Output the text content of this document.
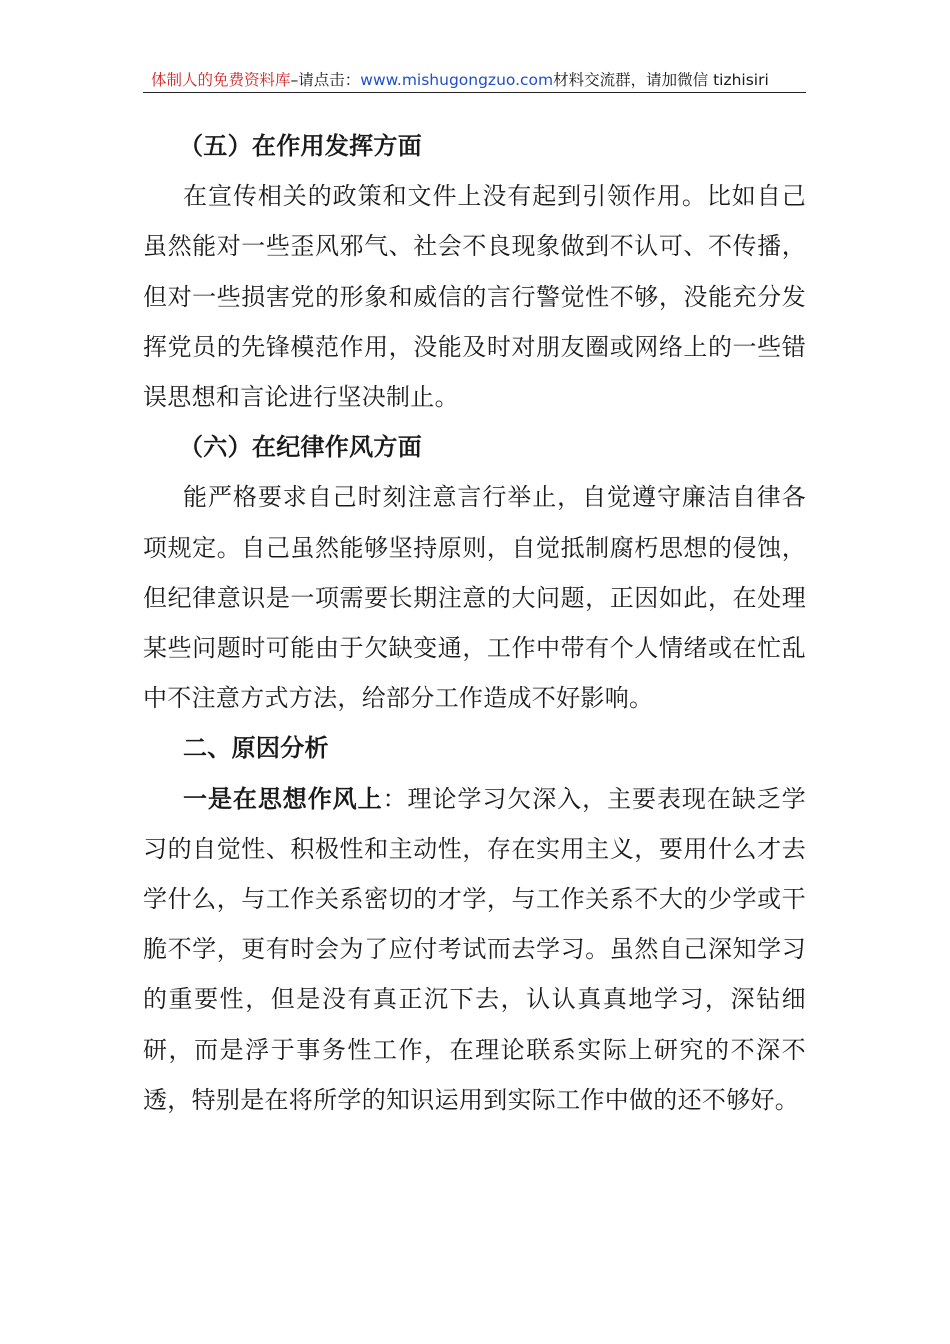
体制人的免费资料库–请点击：www.mishugongzuo.com材料交流群，请加微信 tizhisiri

（五）在作用发挥方面

在宣传相关的政策和文件上没有起到引领作用。比如自己虽然能对一些歪风邪气、社会不良现象做到不认可、不传播，但对一些损害党的形象和威信的言行警觉性不够，没能充分发挥党员的先锋模范作用，没能及时对朋友圈或网络上的一些错误思想和言论进行坚决制止。

（六）在纪律作风方面

能严格要求自己时刻注意言行举止，自觉遵守廉洁自律各项规定。自己虽然能够坚持原则，自觉抵制腐朽思想的侵蚀，但纪律意识是一项需要长期注意的大问题，正因如此，在处理某些问题时可能由于欠缺变通，工作中带有个人情绪或在忙乱中不注意方式方法，给部分工作造成不好影响。

二、原因分析

一是在思想作风上：理论学习欠深入，主要表现在缺乏学习的自觉性、积极性和主动性，存在实用主义，要用什么才去学什么，与工作关系密切的才学，与工作关系不大的少学或干脆不学，更有时会为了应付考试而去学习。虽然自己深知学习的重要性，但是没有真正沉下去，认认真真地学习，深钻细研，而是浮于事务性工作，在理论联系实际上研究的不深不透，特别是在将所学的知识运用到实际工作中做的还不够好。
